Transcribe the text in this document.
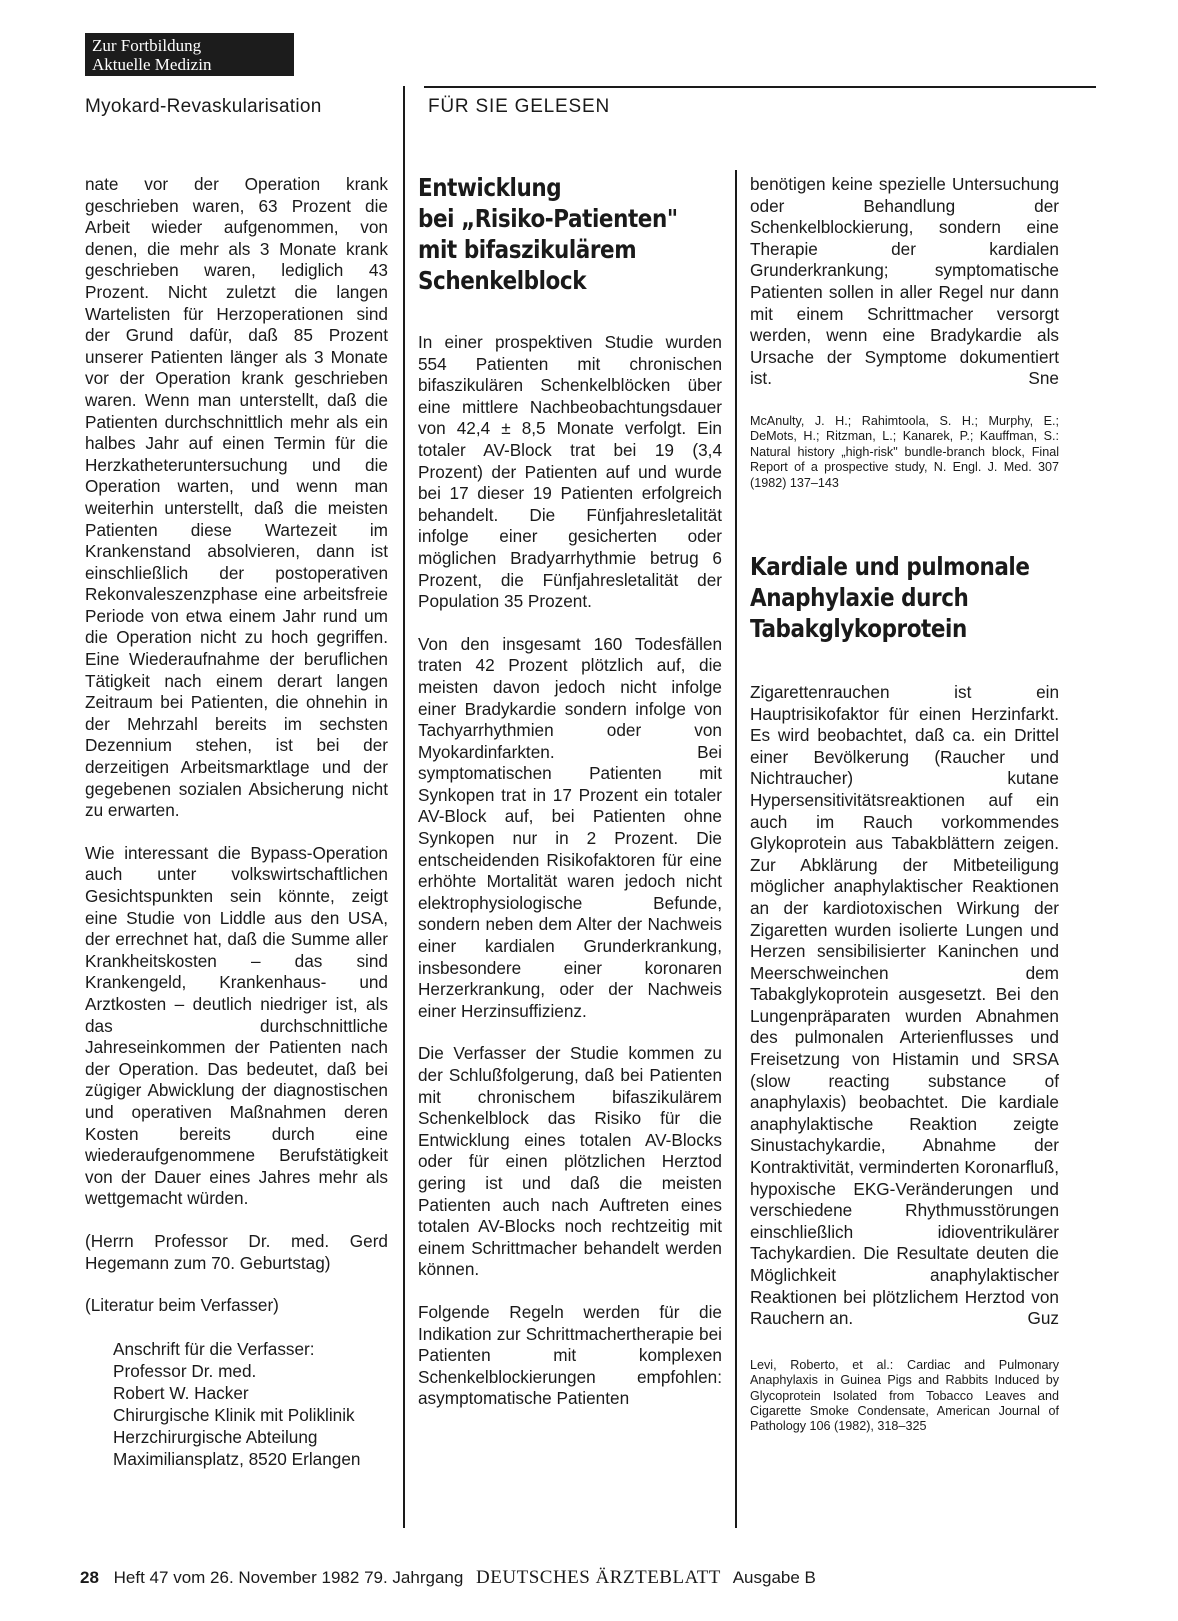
Zur Fortbildung
Aktuelle Medizin
Myokard-Revaskularisation	FÜR SIE GELESEN

nate vor der Operation krank geschrieben waren, 63 Prozent die Arbeit wieder aufgenommen, von denen, die mehr als 3 Monate krank geschrieben waren, lediglich 43 Prozent. Nicht zuletzt die langen Wartelisten für Herzoperationen sind der Grund dafür, daß 85 Prozent unserer Patienten länger als 3 Monate vor der Operation krank geschrieben waren. Wenn man unterstellt, daß die Patienten durchschnittlich mehr als ein halbes Jahr auf einen Termin für die Herzkatheteruntersuchung und die Operation warten, und wenn man weiterhin unterstellt, daß die meisten Patienten diese Wartezeit im Krankenstand absolvieren, dann ist einschließlich der postoperativen Rekonvaleszenzphase eine arbeitsfreie Periode von etwa einem Jahr rund um die Operation nicht zu hoch gegriffen. Eine Wiederaufnahme der beruflichen Tätigkeit nach einem derart langen Zeitraum bei Patienten, die ohnehin in der Mehrzahl bereits im sechsten Dezennium stehen, ist bei der derzeitigen Arbeitsmarktlage und der gegebenen sozialen Absicherung nicht zu erwarten.

Wie interessant die Bypass-Operation auch unter volkswirtschaftlichen Gesichtspunkten sein könnte, zeigt eine Studie von Liddle aus den USA, der errechnet hat, daß die Summe aller Krankheitskosten – das sind Krankengeld, Krankenhaus- und Arztkosten – deutlich niedriger ist, als das durchschnittliche Jahreseinkommen der Patienten nach der Operation. Das bedeutet, daß bei zügiger Abwicklung der diagnostischen und operativen Maßnahmen deren Kosten bereits durch eine wiederaufgenommene Berufstätigkeit von der Dauer eines Jahres mehr als wettgemacht würden.

(Herrn Professor Dr. med. Gerd Hegemann zum 70. Geburtstag)

(Literatur beim Verfasser)

Anschrift für die Verfasser:
Professor Dr. med.
Robert W. Hacker
Chirurgische Klinik mit Poliklinik
Herzchirurgische Abteilung
Maximiliansplatz, 8520 Erlangen
Entwicklung
bei „Risiko-Patienten"
mit bifaszikulärem
Schenkelblock

In einer prospektiven Studie wurden 554 Patienten mit chronischen bifaszikulären Schenkelblöcken über eine mittlere Nachbeobachtungsdauer von 42,4 ± 8,5 Monate verfolgt. Ein totaler AV-Block trat bei 19 (3,4 Prozent) der Patienten auf und wurde bei 17 dieser 19 Patienten erfolgreich behandelt. Die Fünfjahresletalität infolge einer gesicherten oder möglichen Bradyarrhythmie betrug 6 Prozent, die Fünfjahresletalität der Population 35 Prozent.

Von den insgesamt 160 Todesfällen traten 42 Prozent plötzlich auf, die meisten davon jedoch nicht infolge einer Bradykardie sondern infolge von Tachyarrhythmien oder von Myokardinfarkten. Bei symptomatischen Patienten mit Synkopen trat in 17 Prozent ein totaler AV-Block auf, bei Patienten ohne Synkopen nur in 2 Prozent. Die entscheidenden Risikofaktoren für eine erhöhte Mortalität waren jedoch nicht elektrophysiologische Befunde, sondern neben dem Alter der Nachweis einer kardialen Grunderkrankung, insbesondere einer koronaren Herzerkrankung, oder der Nachweis einer Herzinsuffizienz.

Die Verfasser der Studie kommen zu der Schlußfolgerung, daß bei Patienten mit chronischem bifaszikulärem Schenkelblock das Risiko für die Entwicklung eines totalen AV-Blocks oder für einen plötzlichen Herztod gering ist und daß die meisten Patienten auch nach Auftreten eines totalen AV-Blocks noch rechtzeitig mit einem Schrittmacher behandelt werden können.

Folgende Regeln werden für die Indikation zur Schrittmachertherapie bei Patienten mit komplexen Schenkelblockierungen empfohlen: asymptomatische Patienten

benötigen keine spezielle Untersuchung oder Behandlung der Schenkelblockierung, sondern eine Therapie der kardialen Grunderkrankung; symptomatische Patienten sollen in aller Regel nur dann mit einem Schrittmacher versorgt werden, wenn eine Bradykardie als Ursache der Symptome dokumentiert ist.	Sne

McAnulty, J. H.; Rahimtoola, S. H.; Murphy, E.; DeMots, H.; Ritzman, L.; Kanarek, P.; Kauffman, S.: Natural history „high-risk" bundle-branch block, Final Report of a prospective study, N. Engl. J. Med. 307 (1982) 137–143

Kardiale und pulmonale
Anaphylaxie durch
Tabakglykoprotein

Zigarettenrauchen ist ein Hauptrisikofaktor für einen Herzinfarkt. Es wird beobachtet, daß ca. ein Drittel einer Bevölkerung (Raucher und Nichtraucher) kutane Hypersensitivitätsreaktionen auf ein auch im Rauch vorkommendes Glykoprotein aus Tabakblättern zeigen. Zur Abklärung der Mitbeteiligung möglicher anaphylaktischer Reaktionen an der kardiotoxischen Wirkung der Zigaretten wurden isolierte Lungen und Herzen sensibilisierter Kaninchen und Meerschweinchen dem Tabakglykoprotein ausgesetzt. Bei den Lungenpräparaten wurden Abnahmen des pulmonalen Arterienflusses und Freisetzung von Histamin und SRSA (slow reacting substance of anaphylaxis) beobachtet. Die kardiale anaphylaktische Reaktion zeigte Sinustachykardie, Abnahme der Kontraktivität, verminderten Koronarfluß, hypoxische EKG-Veränderungen und verschiedene Rhythmusstörungen einschließlich idioventrikulärer Tachykardien. Die Resultate deuten die Möglichkeit anaphylaktischer Reaktionen bei plötzlichem Herztod von Rauchern an.	Guz

Levi, Roberto, et al.: Cardiac and Pulmonary Anaphylaxis in Guinea Pigs and Rabbits Induced by Glycoprotein Isolated from Tobacco Leaves and Cigarette Smoke Condensate, American Journal of Pathology 106 (1982), 318–325

28 Heft 47 vom 26. November 1982 79. Jahrgang DEUTSCHES ÄRZTEBLATT Ausgabe B
